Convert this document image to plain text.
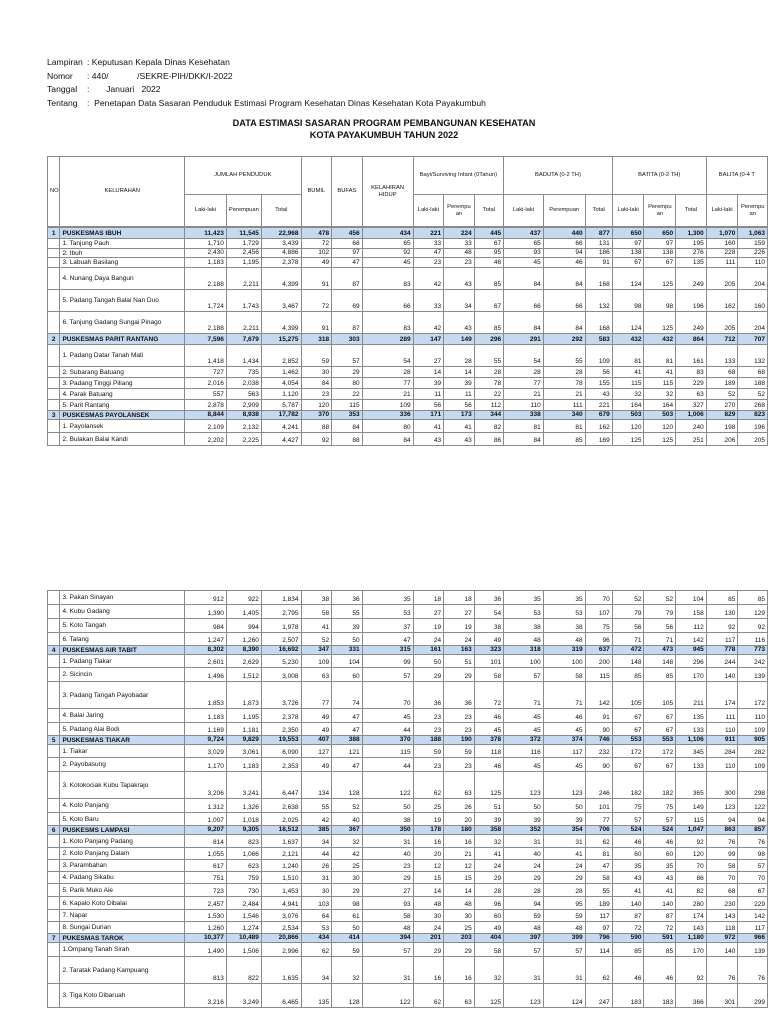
Lampiran : Keputusan Kepala Dinas Kesehatan
Nomor	: 440/            /SEKRE-PIH/DKK/I-2022
Tanggal	:       Januari   2022
Tentang	:  Penetapan Data Sasaran Penduduk Estimasi Program Kesehatan Dinas Kesehatan Kota Payakumbuh
DATA ESTIMASI SASARAN PROGRAM PEMBANGUNAN KESEHATAN
KOTA PAYAKUMBUH TAHUN 2022
NO	KELURAHAN	JUMLAH PENDUDUK			BUMIL	BUFAS	KELAHIRAN HIDUP	Bayi/Surviving Infant (0Tahun)			BADUTA (0-2 TH)			BATITA (0-2 TH)			BALITA (0-4 T	
		Laki-laki	Perempuan	Total				Laki-laki	Perempu an	Total	Laki-laki	Perempuan	Total	Laki-laki	Perempu an	Total	Laki-laki	Perempu an
1	PUSKESMAS IBUH	11,423	11,545	22,968	478	456	434	221	224	445	437	440	877	650	650	1,300	1,070	1,063
	1. Tanjung Pauh	1,710	1,729	3,439	72	68	65	33	33	67	65	66	131	97	97	195	160	159
	2. Ibuh	2,430	2,456	4,886	102	97	92	47	48	95	93	94	186	138	138	276	228	226
	3. Labuah Basilang	1,183	1,195	2,378	49	47	45	23	23	46	45	46	91	67	67	135	111	110
	4. Nunang Daya Bangun	2,188	2,211	4,399	91	87	83	42	43	85	84	84	168	124	125	249	205	204
	5. Padang Tangah Balai Nan Duo	1,724	1,743	3,467	72	69	66	33	34	67	66	66	132	98	98	196	162	160
	6. Tanjung Gadang Sungai Pinago	2,188	2,211	4,399	91	87	83	42	43	85	84	84	168	124	125	249	205	204
2	PUSKESMAS PARIT RANTANG	7,596	7,679	15,275	318	303	289	147	149	296	291	292	583	432	432	864	712	707
	1. Padang Datar Tanah Mati	1,418	1,434	2,852	59	57	54	27	28	55	54	55	109	81	81	161	133	132
	2. Subarang Batuang	727	735	1,462	30	29	28	14	14	28	28	28	56	41	41	83	68	68
	3. Padang Tinggi Piliang	2,016	2,038	4,054	84	80	77	39	39	78	77	78	155	115	115	229	189	188
	4. Parak Batuang	557	563	1,120	23	22	21	11	11	22	21	21	43	32	32	63	52	52
	5. Parit Rantang	2,878	2,909	5,787	120	115	109	56	56	112	110	111	221	164	164	327	270	268
3	PUSKESMAS PAYOLANSEK	8,844	8,938	17,782	370	353	336	171	173	344	338	340	679	503	503	1,006	829	823
	1. Payolansek	2,109	2,132	4,241	88	84	80	41	41	82	81	81	162	120	120	240	198	196
	2. Bulakan Balai Kandi	2,202	2,225	4,427	92	88	84	43	43	86	84	85	169	125	125	251	206	205
	3. Pakan Sinayan	912	922	1,834	38	36	35	18	18	36	35	35	70	52	52	104	85	85
	4. Kubu Gadang	1,390	1,405	2,795	58	55	53	27	27	54	53	53	107	79	79	158	130	129
	5. Koto Tangah	984	994	1,978	41	39	37	19	19	38	38	38	75	56	56	112	92	92
	6. Talang	1,247	1,260	2,507	52	50	47	24	24	49	48	48	96	71	71	142	117	116
4	PUSKESMAS AIR TABIT	8,302	8,390	16,692	347	331	315	161	163	323	318	319	637	472	473	945	778	773
	1. Padang Tiakar	2,601	2,629	5,230	109	104	99	50	51	101	100	100	200	148	148	296	244	242
	2. Sicincin	1,496	1,512	3,008	63	60	57	29	29	58	57	58	115	85	85	170	140	139
	3. Padang Tangah Payobadar	1,853	1,873	3,726	77	74	70	36	36	72	71	71	142	105	105	211	174	172
	4. Balai Jaring	1,183	1,195	2,378	49	47	45	23	23	46	45	46	91	67	67	135	111	110
	5. Padang Alai Bodi	1,169	1,181	2,350	49	47	44	23	23	45	45	45	90	67	67	133	110	109
5	PUSKESMAS TIAKAR	9,724	9,829	19,553	407	388	370	188	190	378	372	374	746	553	553	1,106	911	905
	1. Tiakar	3,029	3,061	6,090	127	121	115	59	59	118	116	117	232	172	172	345	284	282
	2. Payobasung	1,170	1,183	2,353	49	47	44	23	23	46	45	45	90	67	67	133	110	109
	3. Kotokociak Kubu Tapakrajo	3,206	3,241	6,447	134	128	122	62	63	125	123	123	246	182	182	365	300	298
	4. Koto Panjang	1,312	1,326	2,638	55	52	50	25	26	51	50	50	101	75	75	149	123	122
	5. Koto Baru	1,007	1,018	2,025	42	40	38	19	20	39	39	39	77	57	57	115	94	94
6	PUSKESMS LAMPASI	9,207	9,305	18,512	385	367	350	178	180	358	352	354	706	524	524	1,047	863	857
	1. Koto Panjang Padang	814	823	1,637	34	32	31	16	16	32	31	31	62	46	46	92	76	76
	2. Koto Panjang Dalam	1,055	1,066	2,121	44	42	40	20	21	41	40	41	81	60	60	120	99	98
	3. Parambahan	617	623	1,240	26	25	23	12	12	24	24	24	47	35	35	70	58	57
	4. Padang Sikabu	751	759	1,510	31	30	29	15	15	29	29	29	58	43	43	86	70	70
	5. Parik Muko Aie	723	730	1,453	30	29	27	14	14	28	28	28	55	41	41	82	68	67
	6. Kapalo Koto Dibalai	2,457	2,484	4,941	103	98	93	48	48	96	94	95	189	140	140	280	230	229
	7. Napar	1,530	1,546	3,076	64	61	58	30	30	60	59	59	117	87	87	174	143	142
	8. Sungai Durian	1,260	1,274	2,534	53	50	48	24	25	49	48	48	97	72	72	143	118	117
7	PUKESMAS TAROK	10,377	10,489	20,866	434	414	394	201	203	404	397	399	796	590	591	1,180	972	966
	1.Ompang Tanah Sirah	1,490	1,506	2,996	62	59	57	29	29	58	57	57	114	85	85	170	140	139
	2. Taratak Padang Kampuang	813	822	1,635	34	32	31	16	16	32	31	31	62	46	46	92	76	76
	3. Tiga Koto Dibaruah	3,216	3,249	6,465	135	128	122	62	63	125	123	124	247	183	183	366	301	299
